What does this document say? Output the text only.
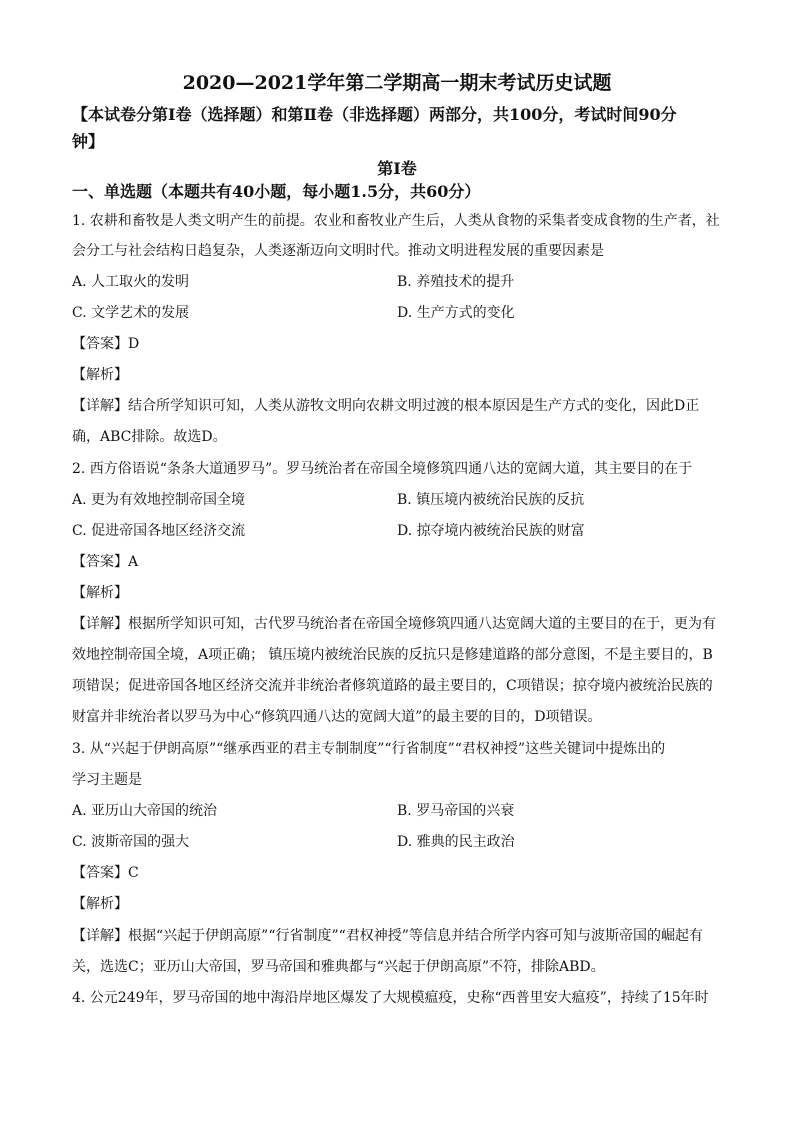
2020—2021学年第二学期高一期末考试历史试题
【本试卷分第Ⅰ卷（选择题）和第Ⅱ卷（非选择题）两部分，共100分，考试时间90分
钟】
第Ⅰ卷
一、单选题（本题共有40小题，每小题1.5分，共60分）
1. 农耕和畜牧是人类文明产生的前提。农业和畜牧业产生后，人类从食物的采集者变成食物的生产者，社
会分工与社会结构日趋复杂，人类逐渐迈向文明时代。推动文明进程发展的重要因素是
A. 人工取火的发明	B. 养殖技术的提升
C. 文学艺术的发展	D. 生产方式的变化
【答案】D
【解析】
【详解】结合所学知识可知，人类从游牧文明向农耕文明过渡的根本原因是生产方式的变化，因此D正
确，ABC排除。故选D。
2. 西方俗语说“条条大道通罗马”。罗马统治者在帝国全境修筑四通八达的宽阔大道，其主要目的在于
A. 更为有效地控制帝国全境	B. 镇压境内被统治民族的反抗
C. 促进帝国各地区经济交流	D. 掠夺境内被统治民族的财富
【答案】A
【解析】
【详解】根据所学知识可知，古代罗马统治者在帝国全境修筑四通八达宽阔大道的主要目的在于，更为有
效地控制帝国全境，A项正确； 镇压境内被统治民族的反抗只是修建道路的部分意图，不是主要目的，B
项错误；促进帝国各地区经济交流并非统治者修筑道路的最主要目的，C项错误；掠夺境内被统治民族的
财富并非统治者以罗马为中心“修筑四通八达的宽阔大道”的最主要的目的，D项错误。
3. 从“兴起于伊朗高原”“继承西亚的君主专制制度”“行省制度”“君权神授”这些关键词中提炼出的
学习主题是
A. 亚历山大帝国的统治	B. 罗马帝国的兴衰
C. 波斯帝国的强大	D. 雅典的民主政治
【答案】C
【解析】
【详解】根据“兴起于伊朗高原”“行省制度”“君权神授”等信息并结合所学内容可知与波斯帝国的崛起有
关，选选C；亚历山大帝国，罗马帝国和雅典都与“兴起于伊朗高原”不符，排除ABD。
4. 公元249年，罗马帝国的地中海沿岸地区爆发了大规模瘟疫，史称“西普里安大瘟疫”，持续了15年时
